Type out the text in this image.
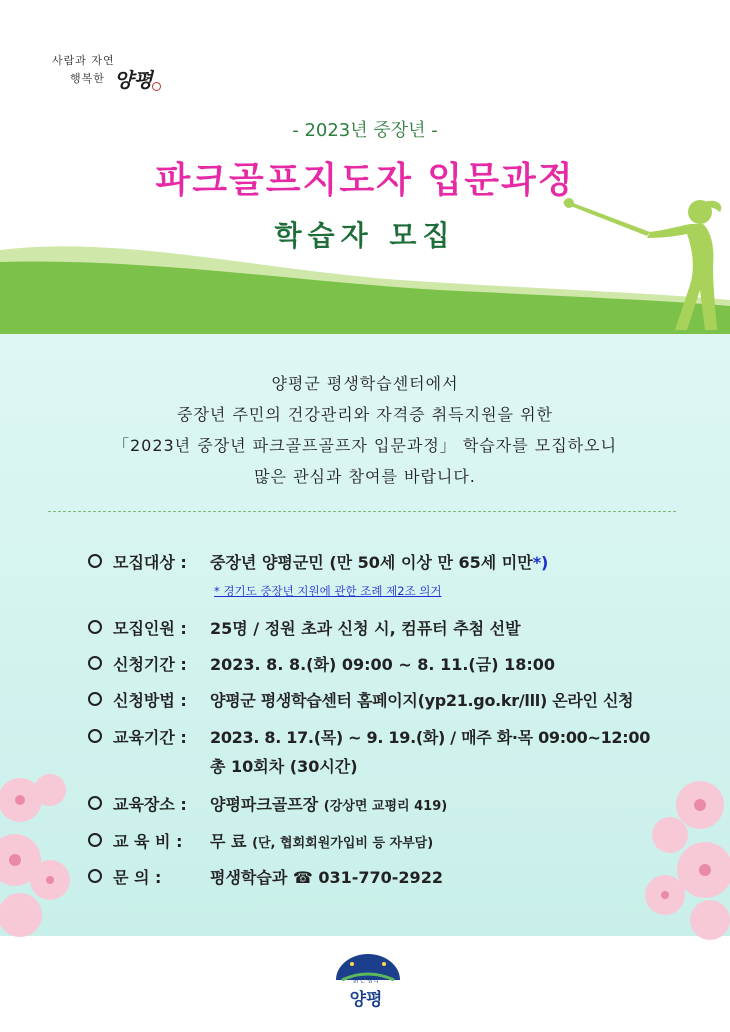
사람과 자연
행복한 양평
- 2023년 중장년 -
파크골프지도자 입문과정
학습자 모집
양평군 평생학습센터에서
중장년 주민의 건강관리와 자격증 취득지원을 위한
「2023년 중장년 파크골프골프자 입문과정」 학습자를 모집하오니
많은 관심과 참여를 바랍니다.
모집대상 : 중장년 양평군민 (만 50세 이상 만 65세 미만*)
* 경기도 중장년 지원에 관한 조례 제2조 의거
모집인원 : 25명 / 정원 초과 신청 시, 컴퓨터 추첨 선발
신청기간 : 2023. 8. 8.(화) 09:00 ~ 8. 11.(금) 18:00
신청방법 : 양평군 평생학습센터 홈페이지(yp21.go.kr/lll) 온라인 신청
교육기간 : 2023. 8. 17.(목) ~ 9. 19.(화) / 매주 화·목 09:00~12:00
총 10회차 (30시간)
교육장소 : 양평파크골프장 (강상면 교평리 419)
교 육 비 : 무 료 (단, 협회회원가입비 등 자부담)
문 의 :	평생학습과 ☎ 031-770-2922
맑은행복
양평
